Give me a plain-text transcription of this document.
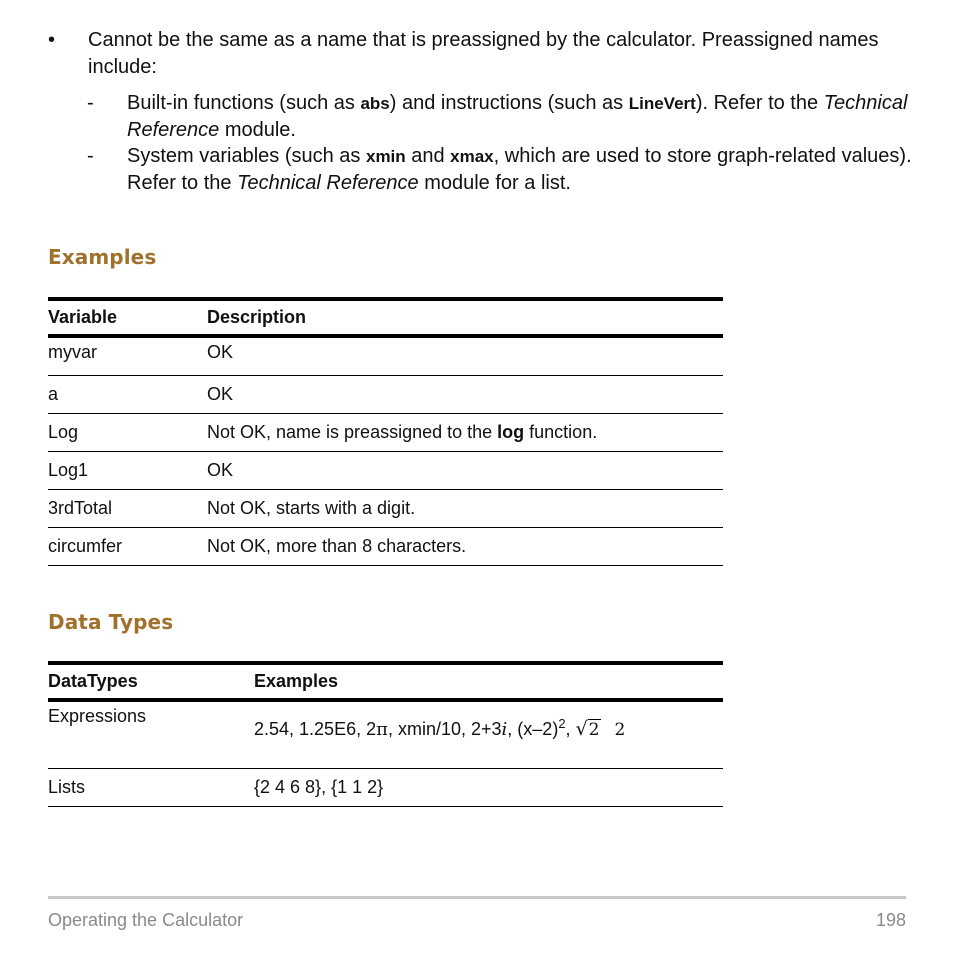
• Cannot be the same as a name that is preassigned by the calculator. Preassigned names include:
- Built-in functions (such as abs) and instructions (such as LineVert). Refer to the Technical Reference module.
- System variables (such as xmin and xmax, which are used to store graph-related values). Refer to the Technical Reference module for a list.
Examples
Variable	Description
myvar	OK
a	OK
Log	Not OK, name is preassigned to the log function.
Log1	OK
3rdTotal	Not OK, starts with a digit.
circumfer	Not OK, more than 8 characters.
Data Types
DataTypes	Examples
Expressions	2.54, 1.25E6, 2π, xmin/10, 2+3i, $(x-2)^2$, √2 2
Lists	{2 4 6 8}, {1 1 2}
Operating the Calculator	198
